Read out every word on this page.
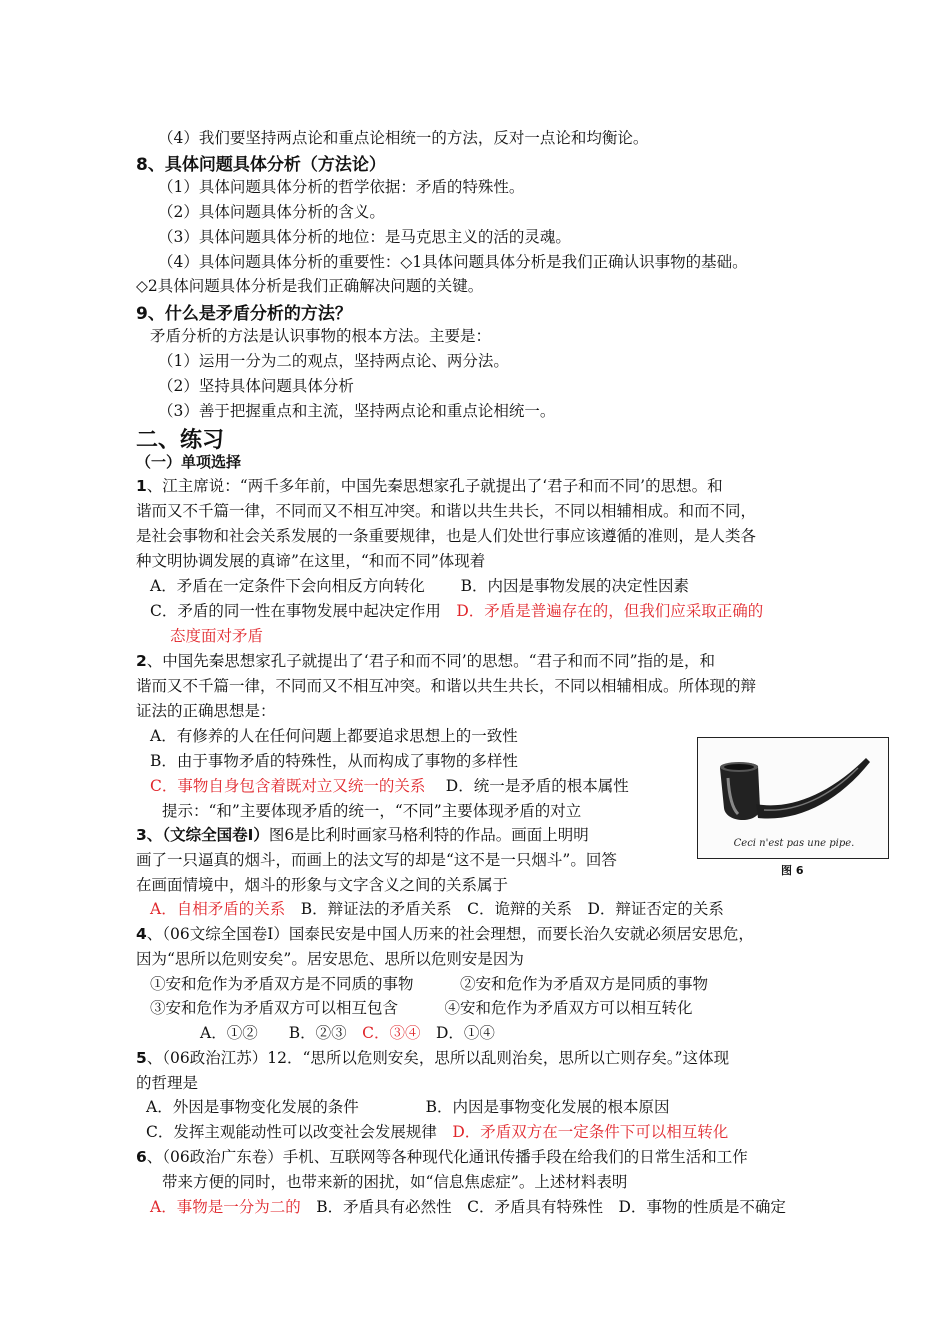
（4）我们要坚持两点论和重点论相统一的方法，反对一点论和均衡论。
8、具体问题具体分析（方法论）
（1）具体问题具体分析的哲学依据：矛盾的特殊性。
（2）具体问题具体分析的含义。
（3）具体问题具体分析的地位：是马克思主义的活的灵魂。
（4）具体问题具体分析的重要性：◇1具体问题具体分析是我们正确认识事物的基础。
◇2具体问题具体分析是我们正确解决问题的关键。
9、什么是矛盾分析的方法？
矛盾分析的方法是认识事物的根本方法。主要是：
（1）运用一分为二的观点，坚持两点论、两分法。
（2）坚持具体问题具体分析
（3）善于把握重点和主流，坚持两点论和重点论相统一。
二、练习
（一）单项选择
1、江主席说：“两千多年前，中国先秦思想家孔子就提出了‘君子和而不同’的思想。和
谐而又不千篇一律，不同而又不相互冲突。和谐以共生共长，不同以相辅相成。和而不同，
是社会事物和社会关系发展的一条重要规律，也是人们处世行事应该遵循的准则，是人类各
种文明协调发展的真谛”在这里，“和而不同”体现着
A．矛盾在一定条件下会向相反方向转化　　 B．内因是事物发展的决定性因素
C．矛盾的同一性在事物发展中起决定作用　D．矛盾是普遍存在的，但我们应采取正确的
态度面对矛盾
2、中国先秦思想家孔子就提出了‘君子和而不同’的思想。“君子和而不同”指的是，和
谐而又不千篇一律，不同而又不相互冲突。和谐以共生共长，不同以相辅相成。所体现的辩
证法的正确思想是：
A．有修养的人在任何问题上都要追求思想上的一致性
B．由于事物矛盾的特殊性，从而构成了事物的多样性
C．事物自身包含着既对立又统一的关系　 D．统一是矛盾的根本属性
提示：“和”主要体现矛盾的统一，“不同”主要体现矛盾的对立
3、（文综全国卷Ⅰ）图6是比利时画家马格利特的作品。画面上明明
画了一只逼真的烟斗，而画上的法文写的却是“这不是一只烟斗”。回答
在画面情境中，烟斗的形象与文字含义之间的关系属于
A．自相矛盾的关系　B．辩证法的矛盾关系　C．诡辩的关系　D．辩证否定的关系
4、（06文综全国卷Ⅰ）国泰民安是中国人历来的社会理想，而要长治久安就必须居安思危，
因为“思所以危则安矣”。居安思危、思所以危则安是因为
①安和危作为矛盾双方是不同质的事物　　　②安和危作为矛盾双方是同质的事物
③安和危作为矛盾双方可以相互包含　　　④安和危作为矛盾双方可以相互转化
A．①②　　B．②③　C．③④　D．①④
5、（06政治江苏）12．“思所以危则安矣，思所以乱则治矣，思所以亡则存矣。”这体现
的哲理是
A．外因是事物变化发展的条件　　　　 B．内因是事物变化发展的根本原因
C．发挥主观能动性可以改变社会发展规律　D．矛盾双方在一定条件下可以相互转化
6、（06政治广东卷）手机、互联网等各种现代化通讯传播手段在给我们的日常生活和工作
带来方便的同时，也带来新的困扰，如“信息焦虑症”。上述材料表明
A．事物是一分为二的　B．矛盾具有必然性　C．矛盾具有特殊性　D．事物的性质是不确定
Ceci n'est pas une pipe.
图 6
